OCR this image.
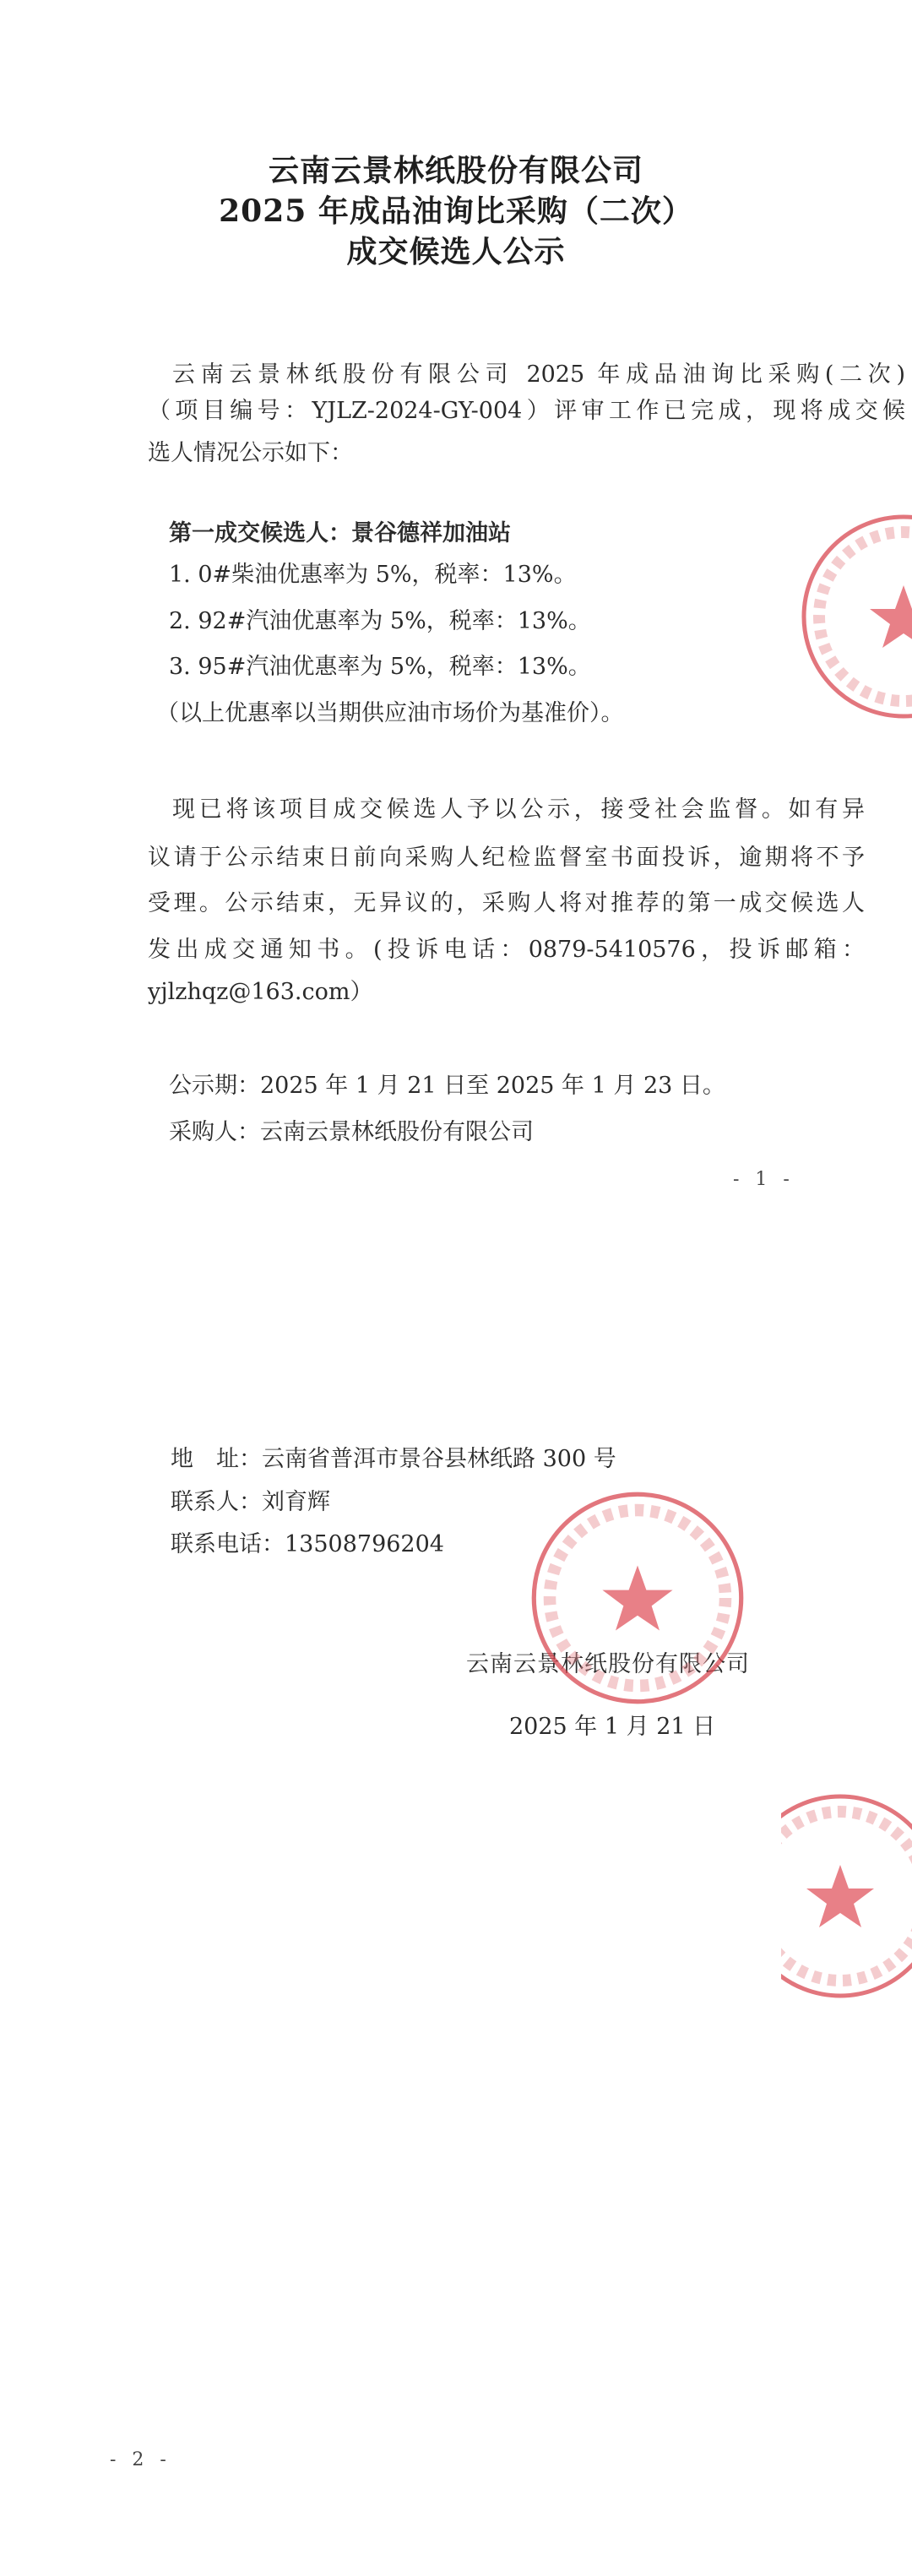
云南云景林纸股份有限公司
2025 年成品油询比采购（二次）
成交候选人公示
云南云景林纸股份有限公司 2025 年成品油询比采购(二次)
（项目编号：YJLZ-2024-GY-004）评审工作已完成，现将成交候
选人情况公示如下：
第一成交候选人：景谷德祥加油站
1. 0#柴油优惠率为 5%，税率：13%。
2. 92#汽油优惠率为 5%，税率：13%。
3. 95#汽油优惠率为 5%，税率：13%。
（以上优惠率以当期供应油市场价为基准价）。
现已将该项目成交候选人予以公示，接受社会监督。如有异
议请于公示结束日前向采购人纪检监督室书面投诉，逾期将不予
受理。公示结束，无异议的，采购人将对推荐的第一成交候选人
发出成交通知书。(投诉电话：0879-5410576，投诉邮箱：
yjlzhqz@163.com）
公示期：2025 年 1 月 21 日至 2025 年 1 月 23 日。
采购人：云南云景林纸股份有限公司
- 1 -
地　址：云南省普洱市景谷县林纸路 300 号
联系人：刘育辉
联系电话：13508796204
云南云景林纸股份有限公司
2025 年 1 月 21 日
- 2 -
